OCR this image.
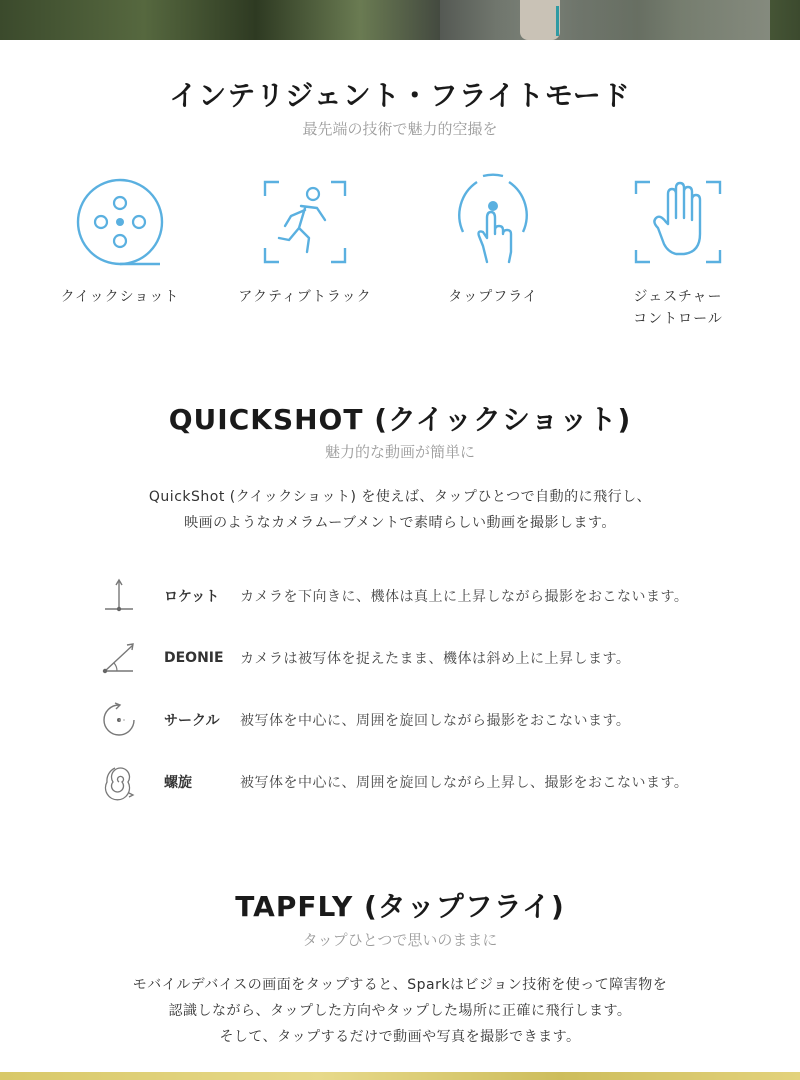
インテリジェント・フライトモード
最先端の技術で魅力的空撮を
クイックショット	アクティブトラック	タップフライ	ジェスチャー
コントロール
QUICKSHOT (クイックショット)
魅力的な動画が簡単に
QuickShot (クイックショット) を使えば、タップひとつで自動的に飛行し、
映画のようなカメラムーブメントで素晴らしい動画を撮影します。
ロケット	カメラを下向きに、機体は真上に上昇しながら撮影をおこないます。
DEONIE	カメラは被写体を捉えたまま、機体は斜め上に上昇します。
サークル	被写体を中心に、周囲を旋回しながら撮影をおこないます。
螺旋	被写体を中心に、周囲を旋回しながら上昇し、撮影をおこないます。
TAPFLY (タップフライ)
タップひとつで思いのままに
モバイルデバイスの画面をタップすると、Sparkはビジョン技術を使って障害物を
認識しながら、タップした方向やタップした場所に正確に飛行します。
そして、タップするだけで動画や写真を撮影できます。
